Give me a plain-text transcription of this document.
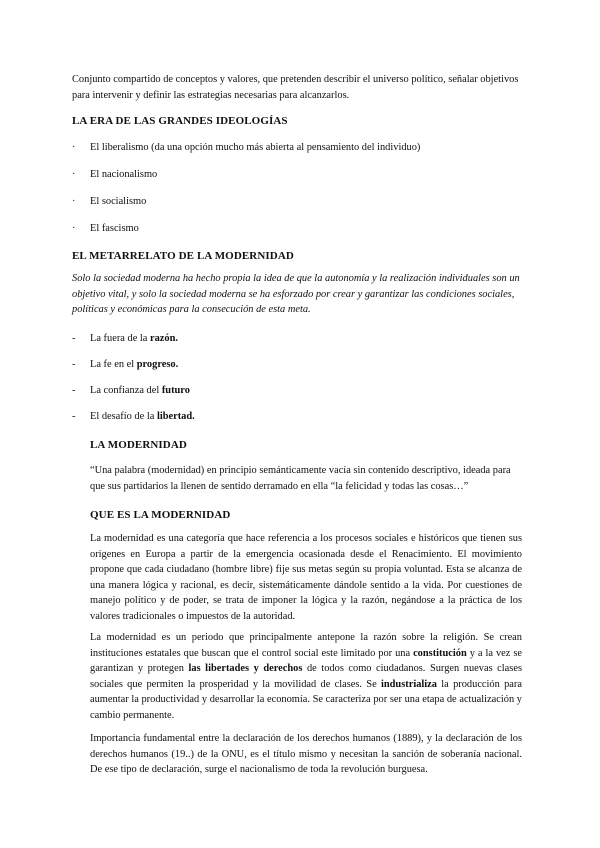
Conjunto compartido de conceptos y valores, que pretenden describir el universo político, señalar objetivos para intervenir y definir las estrategias necesarias para alcanzarlos.
LA ERA DE LAS GRANDES IDEOLOGÍAS
· El liberalismo (da una opción mucho más abierta al pensamiento del individuo)
· El nacionalismo
· El socialismo
· El fascismo
EL METARRELATO DE LA MODERNIDAD
Solo la sociedad moderna ha hecho propia la idea de que la autonomía y la realización individuales son un objetivo vital, y solo la sociedad moderna se ha esforzado por crear y garantizar las condiciones sociales, políticas y económicas para la consecución de esta meta.
- La fuera de la razón.
- La fe en el progreso.
- La confianza del futuro
- El desafío de la libertad.
LA MODERNIDAD
“Una palabra (modernidad) en principio semánticamente vacía sin contenido descriptivo, ideada para que sus partidarios la llenen de sentido derramado en ella “la felicidad y todas las cosas…”
QUE ES LA MODERNIDAD
La modernidad es una categoría que hace referencia a los procesos sociales e históricos que tienen sus orígenes en Europa a partir de la emergencia ocasionada desde el Renacimiento. El movimiento propone que cada ciudadano (hombre libre) fije sus metas según su propia voluntad. Esta se alcanza de una manera lógica y racional, es decir, sistemáticamente dándole sentido a la vida. Por cuestiones de manejo político y de poder, se trata de imponer la lógica y la razón, negándose a la práctica de los valores tradicionales o impuestos de la autoridad.
La modernidad es un periodo que principalmente antepone la razón sobre la religión. Se crean instituciones estatales que buscan que el control social este limitado por una constitución y a la vez se garantizan y protegen las libertades y derechos de todos como ciudadanos. Surgen nuevas clases sociales que permiten la prosperidad y la movilidad de clases. Se industrializa la producción para aumentar la productividad y desarrollar la economía. Se caracteriza por ser una etapa de actualización y cambio permanente.
Importancia fundamental entre la declaración de los derechos humanos (1889), y la declaración de los derechos humanos (19..) de la ONU, es el título mismo y necesitan la sanción de soberanía nacional. De ese tipo de declaración, surge el nacionalismo de toda la revolución burguesa.
